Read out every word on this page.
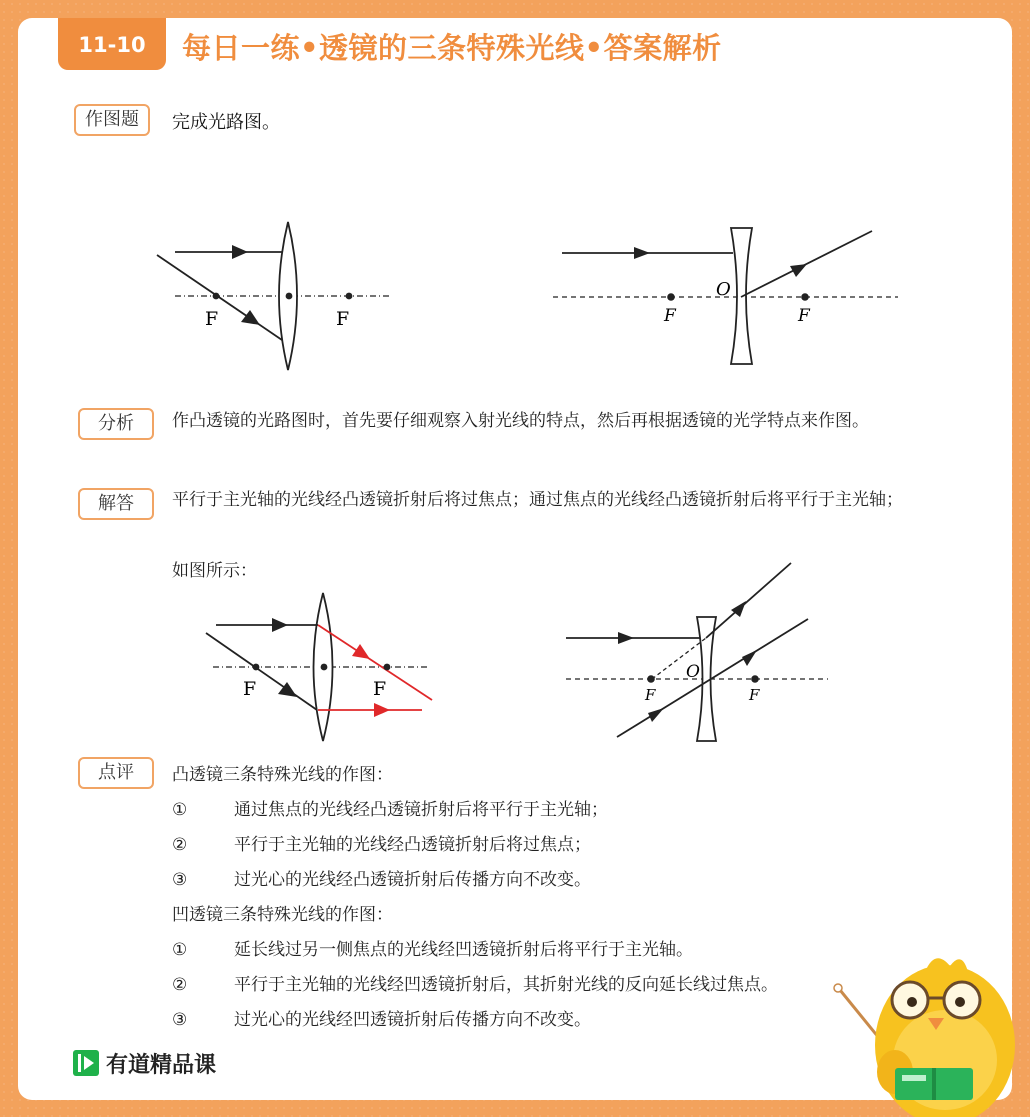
11-10	每日一练•透镜的三条特殊光线•答案解析
作图题	完成光路图。
F	F
O
F	F
分析	作凸透镜的光路图时，首先要仔细观察入射光线的特点，然后再根据透镜的光学特点来作图。
解答	平行于主光轴的光线经凸透镜折射后将过焦点；通过焦点的光线经凸透镜折射后将平行于主光轴；
如图所示：
F	F
O
F	F
点评	凸透镜三条特殊光线的作图：
①	通过焦点的光线经凸透镜折射后将平行于主光轴；
②	平行于主光轴的光线经凸透镜折射后将过焦点；
③	过光心的光线经凸透镜折射后传播方向不改变。
凹透镜三条特殊光线的作图：
①	延长线过另一侧焦点的光线经凹透镜折射后将平行于主光轴。
②	平行于主光轴的光线经凹透镜折射后，其折射光线的反向延长线过焦点。
③	过光心的光线经凹透镜折射后传播方向不改变。
有道精品课
